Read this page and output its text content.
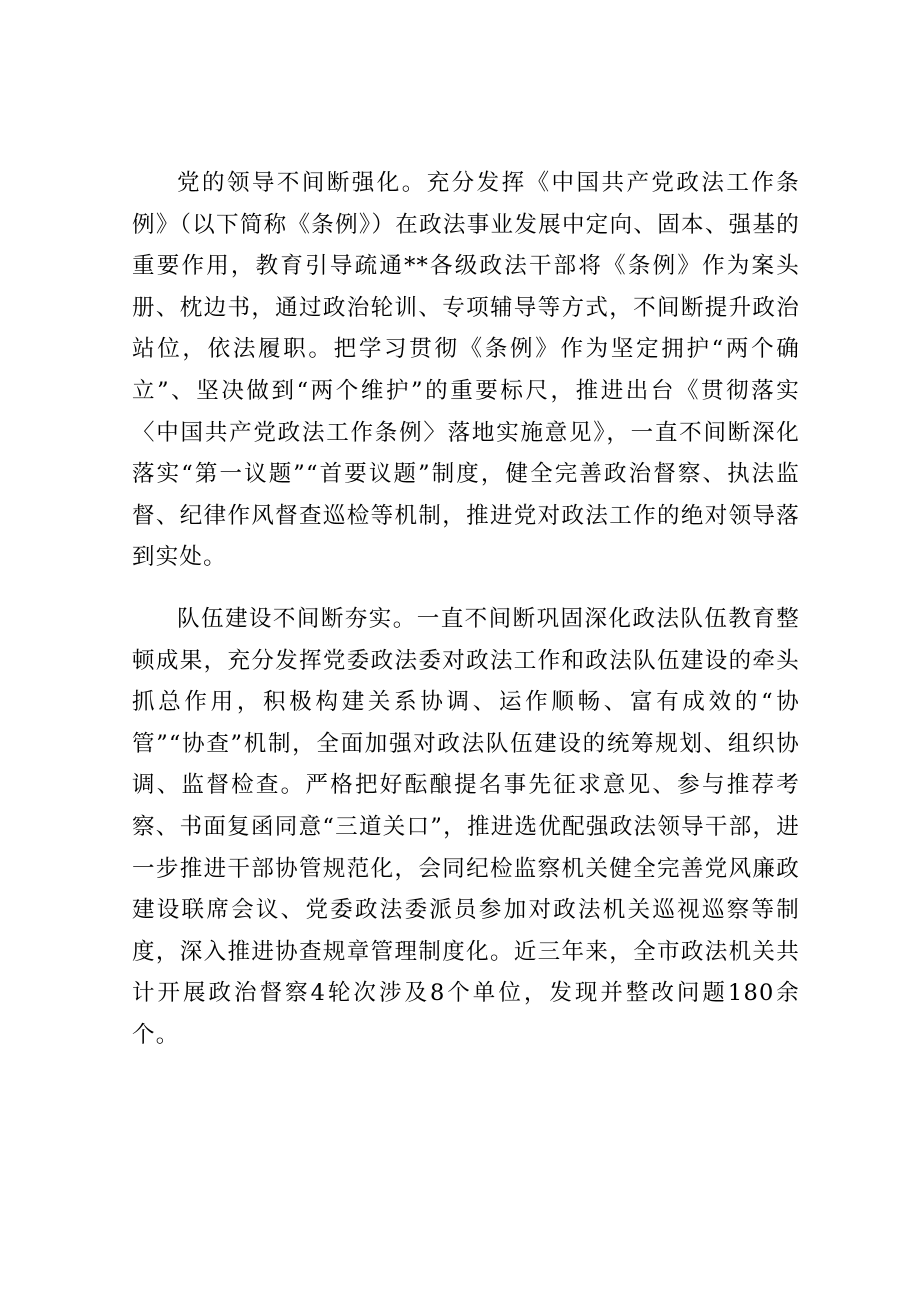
党的领导不间断强化。充分发挥《中国共产党政法工作条例》（以下简称《条例》）在政法事业发展中定向、固本、强基的重要作用，教育引导疏通**各级政法干部将《条例》作为案头册、枕边书，通过政治轮训、专项辅导等方式，不间断提升政治站位，依法履职。把学习贯彻《条例》作为坚定拥护“两个确立”、坚决做到“两个维护”的重要标尺，推进出台《贯彻落实〈中国共产党政法工作条例〉落地实施意见》，一直不间断深化落实“第一议题”“首要议题”制度，健全完善政治督察、执法监督、纪律作风督查巡检等机制，推进党对政法工作的绝对领导落到实处。

队伍建设不间断夯实。一直不间断巩固深化政法队伍教育整顿成果，充分发挥党委政法委对政法工作和政法队伍建设的牵头抓总作用，积极构建关系协调、运作顺畅、富有成效的“协管”“协查”机制，全面加强对政法队伍建设的统筹规划、组织协调、监督检查。严格把好酝酿提名事先征求意见、参与推荐考察、书面复函同意“三道关口”，推进选优配强政法领导干部，进一步推进干部协管规范化，会同纪检监察机关健全完善党风廉政建设联席会议、党委政法委派员参加对政法机关巡视巡察等制度，深入推进协查规章管理制度化。近三年来，全市政法机关共计开展政治督察4轮次涉及8个单位，发现并整改问题180余个。
